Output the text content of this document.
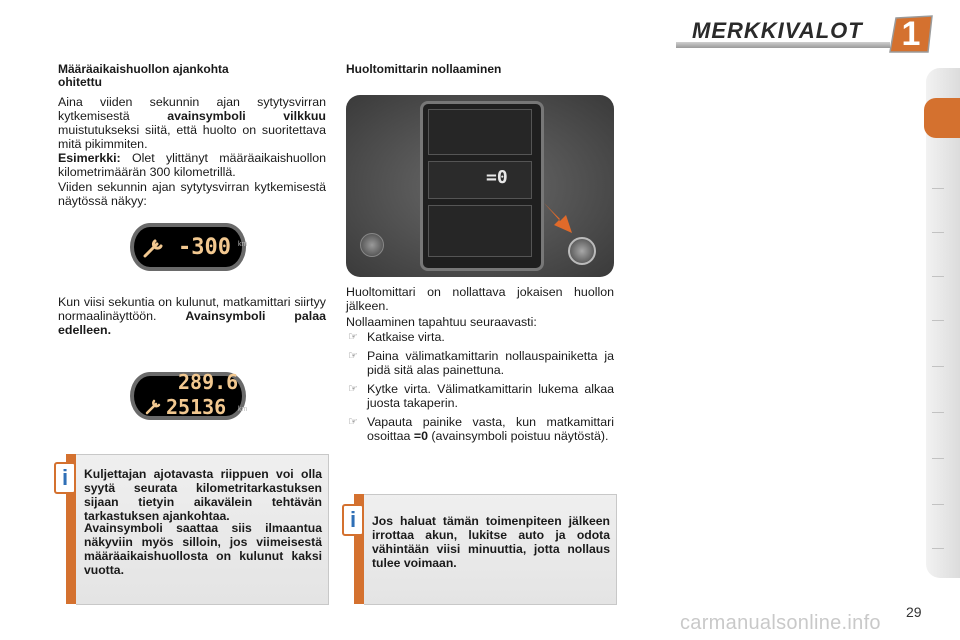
MERKKIVALOT	1
Määräaikaishuollon ajankohta ohitettu
Aina viiden sekunnin ajan sytytysvirran kytkemisestä avainsymboli vilkkuu muistutukseksi siitä, että huolto on suoritettava mitä pikimmiten.
Esimerkki: Olet ylittänyt määräaikaishuollon kilometrimäärän 300 kilometrillä.
Viiden sekunnin ajan sytytysvirran kytkemisestä näytössä näkyy:
-300 km
Kun viisi sekuntia on kulunut, matkamittari siirtyy normaalinäyttöön. Avainsymboli palaa edelleen.
289.6
25136 km
i	Kuljettajan ajotavasta riippuen voi olla syytä seurata kilometritarkastuksen sijaan tietyin aikavälein tehtävän tarkastuksen ajankohtaa.
Avainsymboli saattaa siis ilmaantua näkyviin myös silloin, jos viimeisestä määräaikaishuollosta on kulunut kaksi vuotta.
Huoltomittarin nollaaminen
=0
Huoltomittari on nollattava jokaisen huollon jälkeen.
Nollaaminen tapahtuu seuraavasti:
☞ Katkaise virta.
☞ Paina välimatkamittarin nollauspainiketta ja pidä sitä alas painettuna.
☞ Kytke virta. Välimatkamittarin lukema alkaa juosta takaperin.
☞ Vapauta painike vasta, kun matkamittari osoittaa =0 (avainsymboli poistuu näytöstä).
i	Jos haluat tämän toimenpiteen jälkeen irrottaa akun, lukitse auto ja odota vähintään viisi minuuttia, jotta nollaus tulee voimaan.
29
carmanualsonline.info
